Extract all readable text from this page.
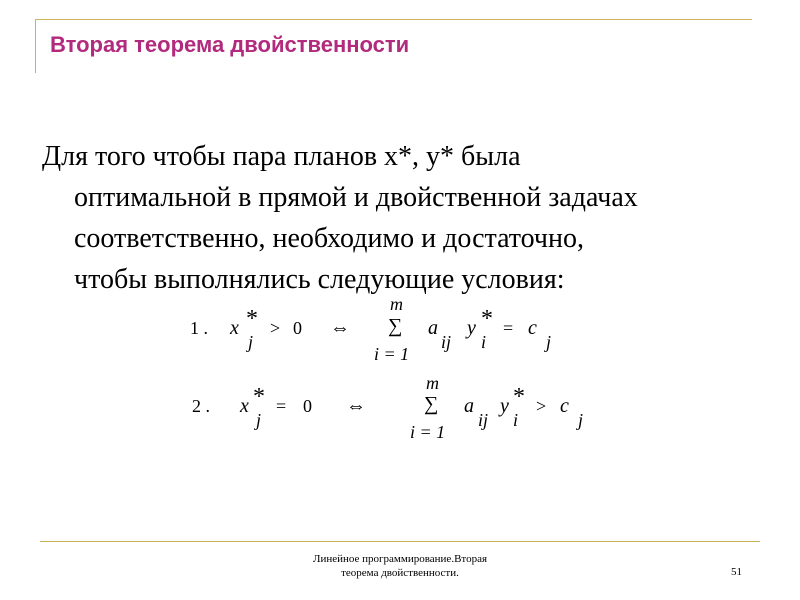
Вторая теорема двойственности
Для того чтобы пара планов х*, у* была
оптимальной в прямой и двойственной задачах
соответственно, необходимо и достаточно,
чтобы выполнялись следующие условия:
1 . x *
j
> 0 ⇔
m
∑
i = 1
a
ij
y *
i
= c
j
2 . x *
j
= 0 ⇔
m
∑
i = 1
a
ij
y *
i
> c
j
Линейное программирование.Вторая
теорема двойственности.	51
